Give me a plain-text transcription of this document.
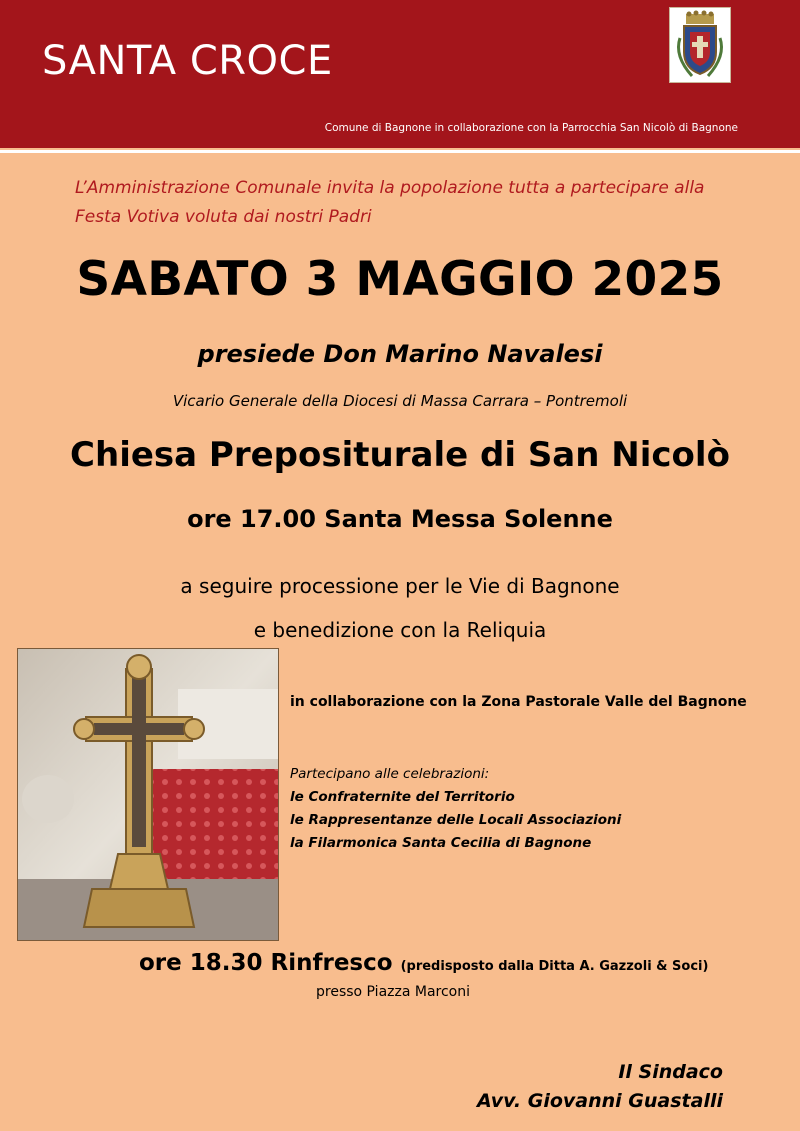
SANTA CROCE
Comune di Bagnone in collaborazione con la Parrocchia San Nicolò di Bagnone
L’Amministrazione Comunale invita la popolazione tutta a partecipare alla
Festa Votiva voluta dai nostri Padri
SABATO 3 MAGGIO 2025
presiede Don Marino Navalesi
Vicario Generale della Diocesi di Massa Carrara – Pontremoli
Chiesa Prepositurale di San Nicolò
ore 17.00 Santa Messa Solenne
a seguire processione per le Vie di Bagnone
e benedizione con la Reliquia
in collaborazione con la Zona Pastorale Valle del Bagnone
Partecipano alle celebrazioni:
le Confraternite del Territorio
le Rappresentanze delle Locali Associazioni
la Filarmonica Santa Cecilia di Bagnone
ore 18.30 Rinfresco (predisposto dalla Ditta A. Gazzoli & Soci)
presso Piazza Marconi
Il Sindaco
Avv. Giovanni Guastalli
